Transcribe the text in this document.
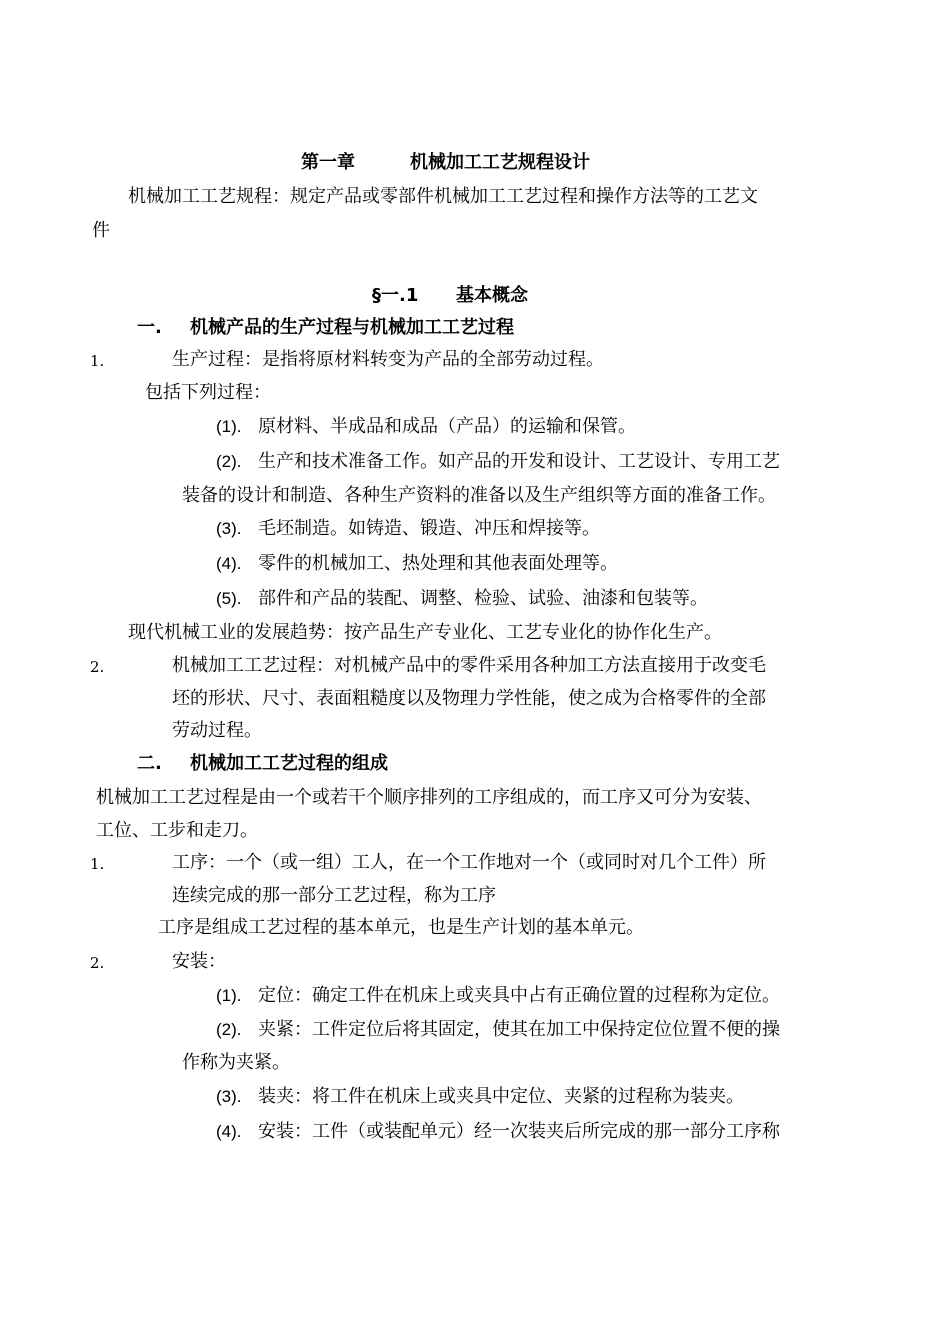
第一章	机械加工工艺规程设计
机械加工工艺规程：规定产品或零部件机械加工工艺过程和操作方法等的工艺文
件
§一.1 基本概念
一. 机械产品的生产过程与机械加工工艺过程
1.	生产过程：是指将原材料转变为产品的全部劳动过程。
包括下列过程：
(1). 原材料、半成品和成品（产品）的运输和保管。
(2). 生产和技术准备工作。如产品的开发和设计、工艺设计、专用工艺
装备的设计和制造、各种生产资料的准备以及生产组织等方面的准备工作。
(3). 毛坯制造。如铸造、锻造、冲压和焊接等。
(4). 零件的机械加工、热处理和其他表面处理等。
(5). 部件和产品的装配、调整、检验、试验、油漆和包装等。
现代机械工业的发展趋势：按产品生产专业化、工艺专业化的协作化生产。
2.	机械加工工艺过程：对机械产品中的零件采用各种加工方法直接用于改变毛
坯的形状、尺寸、表面粗糙度以及物理力学性能，使之成为合格零件的全部
劳动过程。
二. 机械加工工艺过程的组成
机械加工工艺过程是由一个或若干个顺序排列的工序组成的，而工序又可分为安装、
工位、工步和走刀。
1.	工序：一个（或一组）工人，在一个工作地对一个（或同时对几个工件）所
连续完成的那一部分工艺过程，称为工序
工序是组成工艺过程的基本单元，也是生产计划的基本单元。
2.	安装：
(1). 定位：确定工件在机床上或夹具中占有正确位置的过程称为定位。
(2). 夹紧：工件定位后将其固定，使其在加工中保持定位位置不便的操
作称为夹紧。
(3). 装夹：将工件在机床上或夹具中定位、夹紧的过程称为装夹。
(4). 安装：工件（或装配单元）经一次装夹后所完成的那一部分工序称
